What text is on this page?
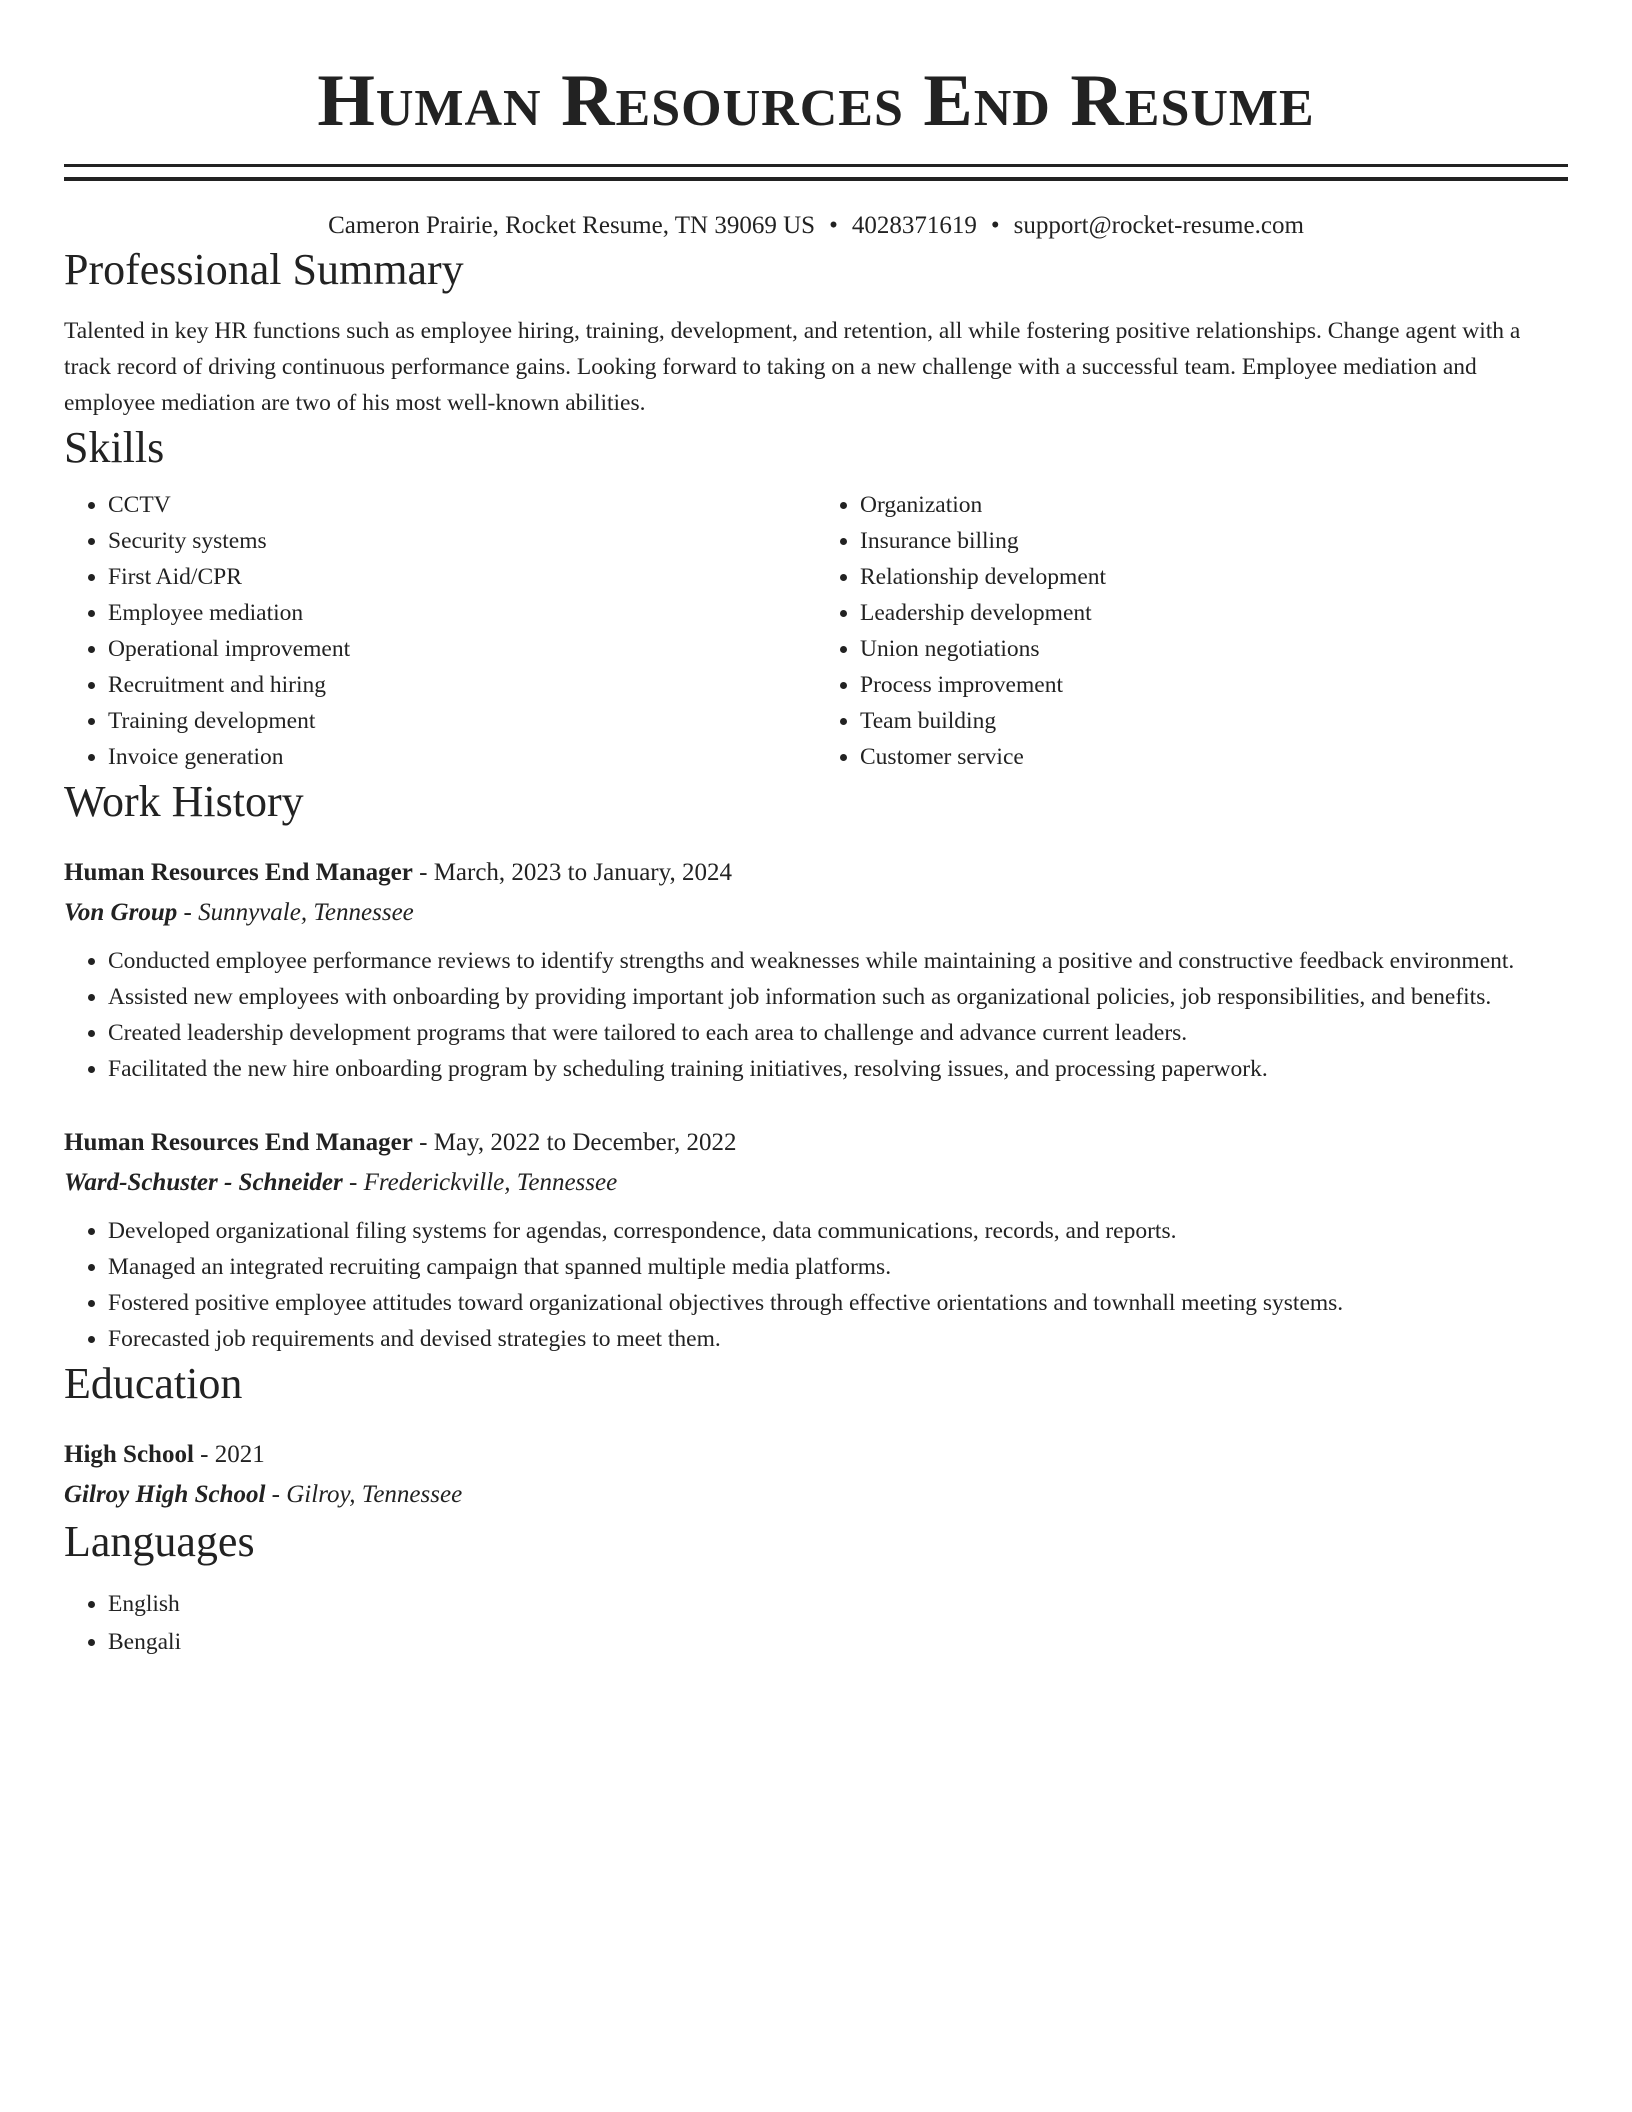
Human Resources End Resume
Cameron Prairie, Rocket Resume, TN 39069 US • 4028371619 • support@rocket-resume.com
Professional Summary

Talented in key HR functions such as employee hiring, training, development, and retention, all while fostering positive relationships. Change agent with a track record of driving continuous performance gains. Looking forward to taking on a new challenge with a successful team. Employee mediation and employee mediation are two of his most well-known abilities.

Skills
• CCTV
• Security systems
• First Aid/CPR
• Employee mediation
• Operational improvement
• Recruitment and hiring
• Training development
• Invoice generation
• Organization
• Insurance billing
• Relationship development
• Leadership development
• Union negotiations
• Process improvement
• Team building
• Customer service
Work History
Human Resources End Manager - March, 2023 to January, 2024
Von Group - Sunnyvale, Tennessee
• Conducted employee performance reviews to identify strengths and weaknesses while maintaining a positive and constructive feedback environment.
• Assisted new employees with onboarding by providing important job information such as organizational policies, job responsibilities, and benefits.
• Created leadership development programs that were tailored to each area to challenge and advance current leaders.
• Facilitated the new hire onboarding program by scheduling training initiatives, resolving issues, and processing paperwork.
Human Resources End Manager - May, 2022 to December, 2022
Ward-Schuster - Schneider - Frederickville, Tennessee
• Developed organizational filing systems for agendas, correspondence, data communications, records, and reports.
• Managed an integrated recruiting campaign that spanned multiple media platforms.
• Fostered positive employee attitudes toward organizational objectives through effective orientations and townhall meeting systems.
• Forecasted job requirements and devised strategies to meet them.
Education
High School - 2021
Gilroy High School - Gilroy, Tennessee
Languages
• English
• Bengali
